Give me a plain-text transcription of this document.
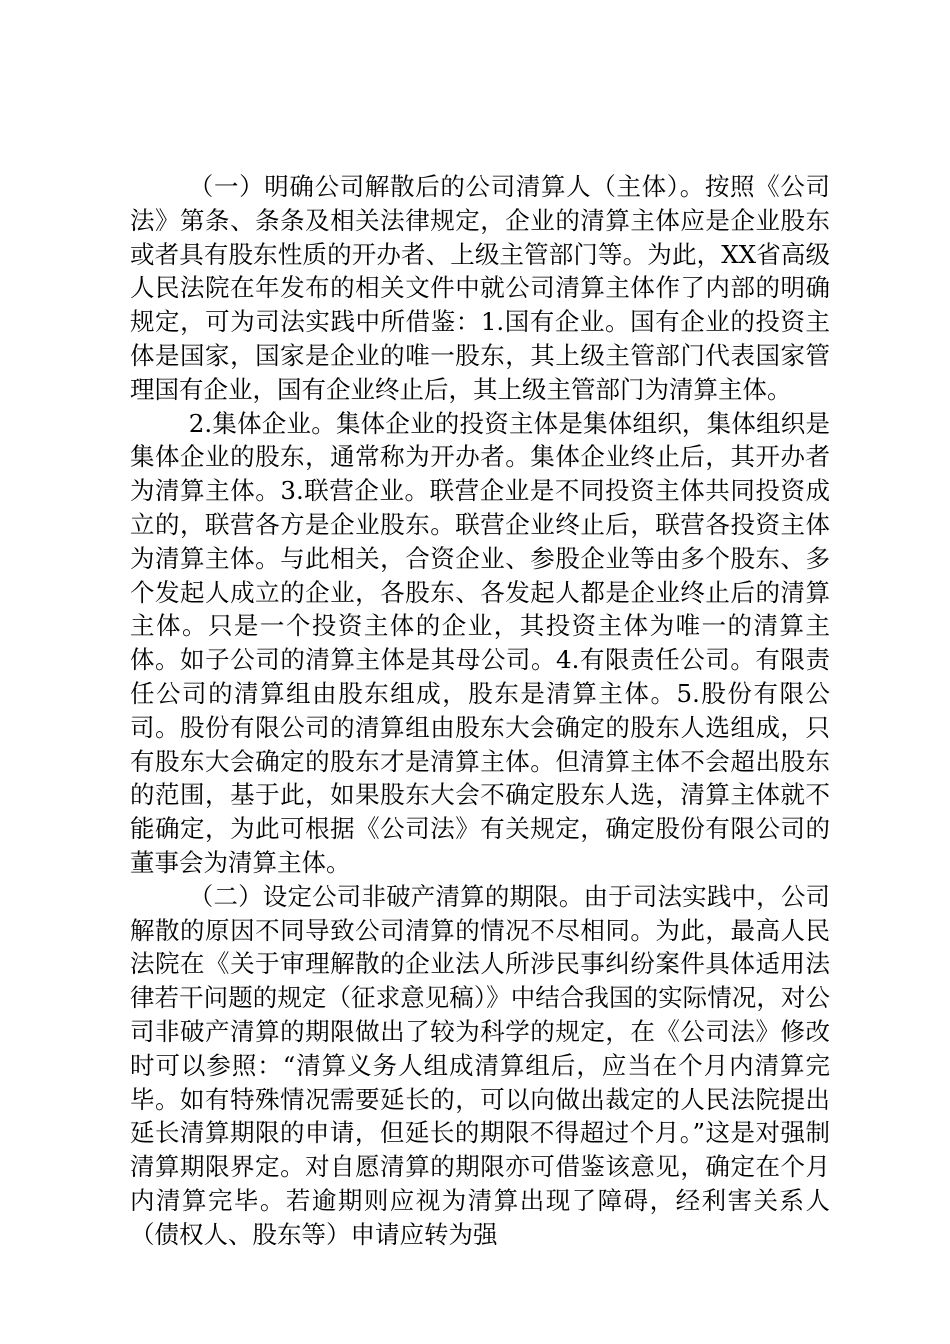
（一）明确公司解散后的公司清算人（主体）。按照《公司法》第条、条条及相关法律规定，企业的清算主体应是企业股东或者具有股东性质的开办者、上级主管部门等。为此，XX省高级人民法院在年发布的相关文件中就公司清算主体作了内部的明确规定，可为司法实践中所借鉴：1.国有企业。国有企业的投资主体是国家，国家是企业的唯一股东，其上级主管部门代表国家管理国有企业，国有企业终止后，其上级主管部门为清算主体。

2.集体企业。集体企业的投资主体是集体组织，集体组织是集体企业的股东，通常称为开办者。集体企业终止后，其开办者为清算主体。3.联营企业。联营企业是不同投资主体共同投资成立的，联营各方是企业股东。联营企业终止后，联营各投资主体为清算主体。与此相关，合资企业、参股企业等由多个股东、多个发起人成立的企业，各股东、各发起人都是企业终止后的清算主体。只是一个投资主体的企业，其投资主体为唯一的清算主体。如子公司的清算主体是其母公司。4.有限责任公司。有限责任公司的清算组由股东组成，股东是清算主体。5.股份有限公司。股份有限公司的清算组由股东大会确定的股东人选组成，只有股东大会确定的股东才是清算主体。但清算主体不会超出股东的范围，基于此，如果股东大会不确定股东人选，清算主体就不能确定，为此可根据《公司法》有关规定，确定股份有限公司的董事会为清算主体。

（二）设定公司非破产清算的期限。由于司法实践中，公司解散的原因不同导致公司清算的情况不尽相同。为此，最高人民法院在《关于审理解散的企业法人所涉民事纠纷案件具体适用法律若干问题的规定（征求意见稿）》中结合我国的实际情况，对公司非破产清算的期限做出了较为科学的规定，在《公司法》修改时可以参照：“清算义务人组成清算组后，应当在个月内清算完毕。如有特殊情况需要延长的，可以向做出裁定的人民法院提出延长清算期限的申请，但延长的期限不得超过个月。”这是对强制清算期限界定。对自愿清算的期限亦可借鉴该意见，确定在个月内清算完毕。若逾期则应视为清算出现了障碍，经利害关系人（债权人、股东等）申请应转为强
